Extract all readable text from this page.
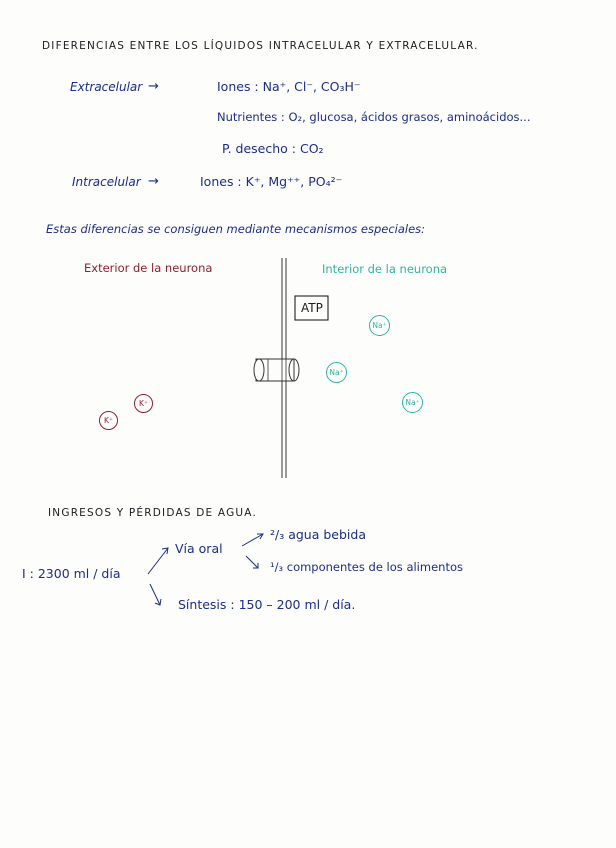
DIFERENCIAS ENTRE LOS LÍQUIDOS INTRACELULAR Y EXTRACELULAR.
Extracelular →	Iones : Na⁺, Cl⁻, CO₃H⁻
Nutrientes : O₂, glucosa, ácidos grasos, aminoácidos...
P. desecho : CO₂
Intracelular →	Iones : K⁺, Mg⁺⁺, PO₄²⁻
Estas diferencias se consiguen mediante mecanismos especiales:
Exterior de la neurona	Interior de la neurona
ATP
K⁺
K⁺
Na⁺
Na⁺
Na⁺
INGRESOS Y PÉRDIDAS DE AGUA.
I : 2300 ml / día
Vía oral
²/₃ agua bebida
¹/₃ componentes de los alimentos
Síntesis : 150 – 200 ml / día.
